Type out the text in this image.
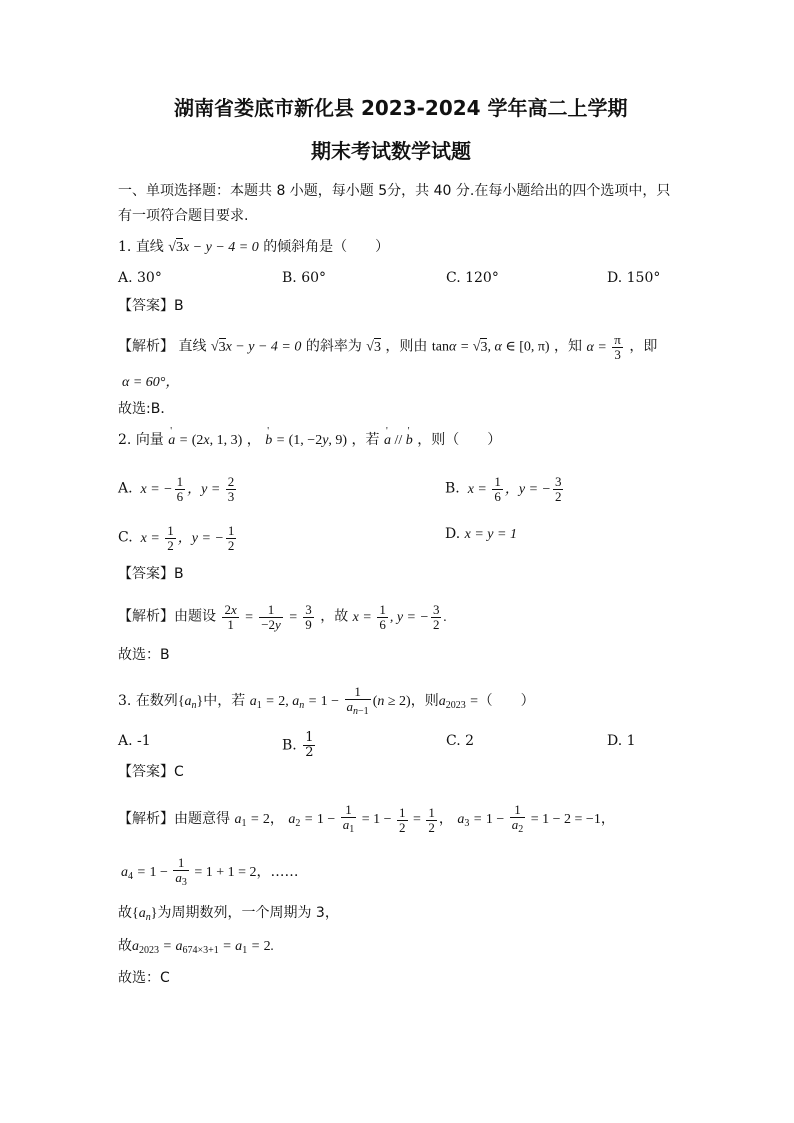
湖南省娄底市新化县 2023-2024 学年高二上学期
期末考试数学试题
一、单项选择题：本题共 8 小题，每小题 5分，共 40 分.在每小题给出的四个选项中，只
有一项符合题目要求.
1. 直线 √3x − y − 4 = 0 的倾斜角是（　　）
A. 30°	B. 60°	C. 120°	D. 150°
【答案】B
【解析】 直线 √3x − y − 4 = 0 的斜率为 √3 ，则由 tanα = √3, α ∈ [0, π) ，知 $\alpha = \frac{\pi}{3}$ ，即
α = 60°，
故选:B．
2. 向量 ' a = (2x, 1, 3) ， ' b = (1, −2y, 9) ，若 ' a // ' b ，则（　　）
A.  x = − $\frac{1}{6}$ ，$y = \frac{2}{3}$	B.  $x = \frac{1}{6}$ ，y = − $\frac{3}{2}$
C.  $x = \frac{1}{2}$ ，y = − $\frac{1}{2}$	D. x = y = 1
【答案】B
【解析】由题设 $\frac{2x}{1} = \frac{1}{-2y} = \frac{3}{9}$ ，故 $x = \frac{1}{6}$ , y = − $\frac{3}{2}$ .
故选：B
3. 在数列$\{a_n\}$中，若 $a_1 = 2$, $a_n = 1 - \frac{1}{a_{n-1}} (n \ge 2)$，则$a_{2023}$ =（　　）
A. -1	B. $\frac{1}{2}$	C. 2	D. 1
【答案】C
【解析】由题意得 $a_1 = 2$， $a_2 = 1 - \frac{1}{a_1} = 1 - \frac{1}{2} = \frac{1}{2}$ ， $a_3 = 1 - \frac{1}{a_2} = 1 - 2 = -1$，
$a_4 = 1 - \frac{1}{a_3} = 1 + 1 = 2$，……
故$\{a_n\}$为周期数列，一个周期为 3，
故$a_{2023} = a_{674\times 3+1} = a_1 = 2$.
故选：C
